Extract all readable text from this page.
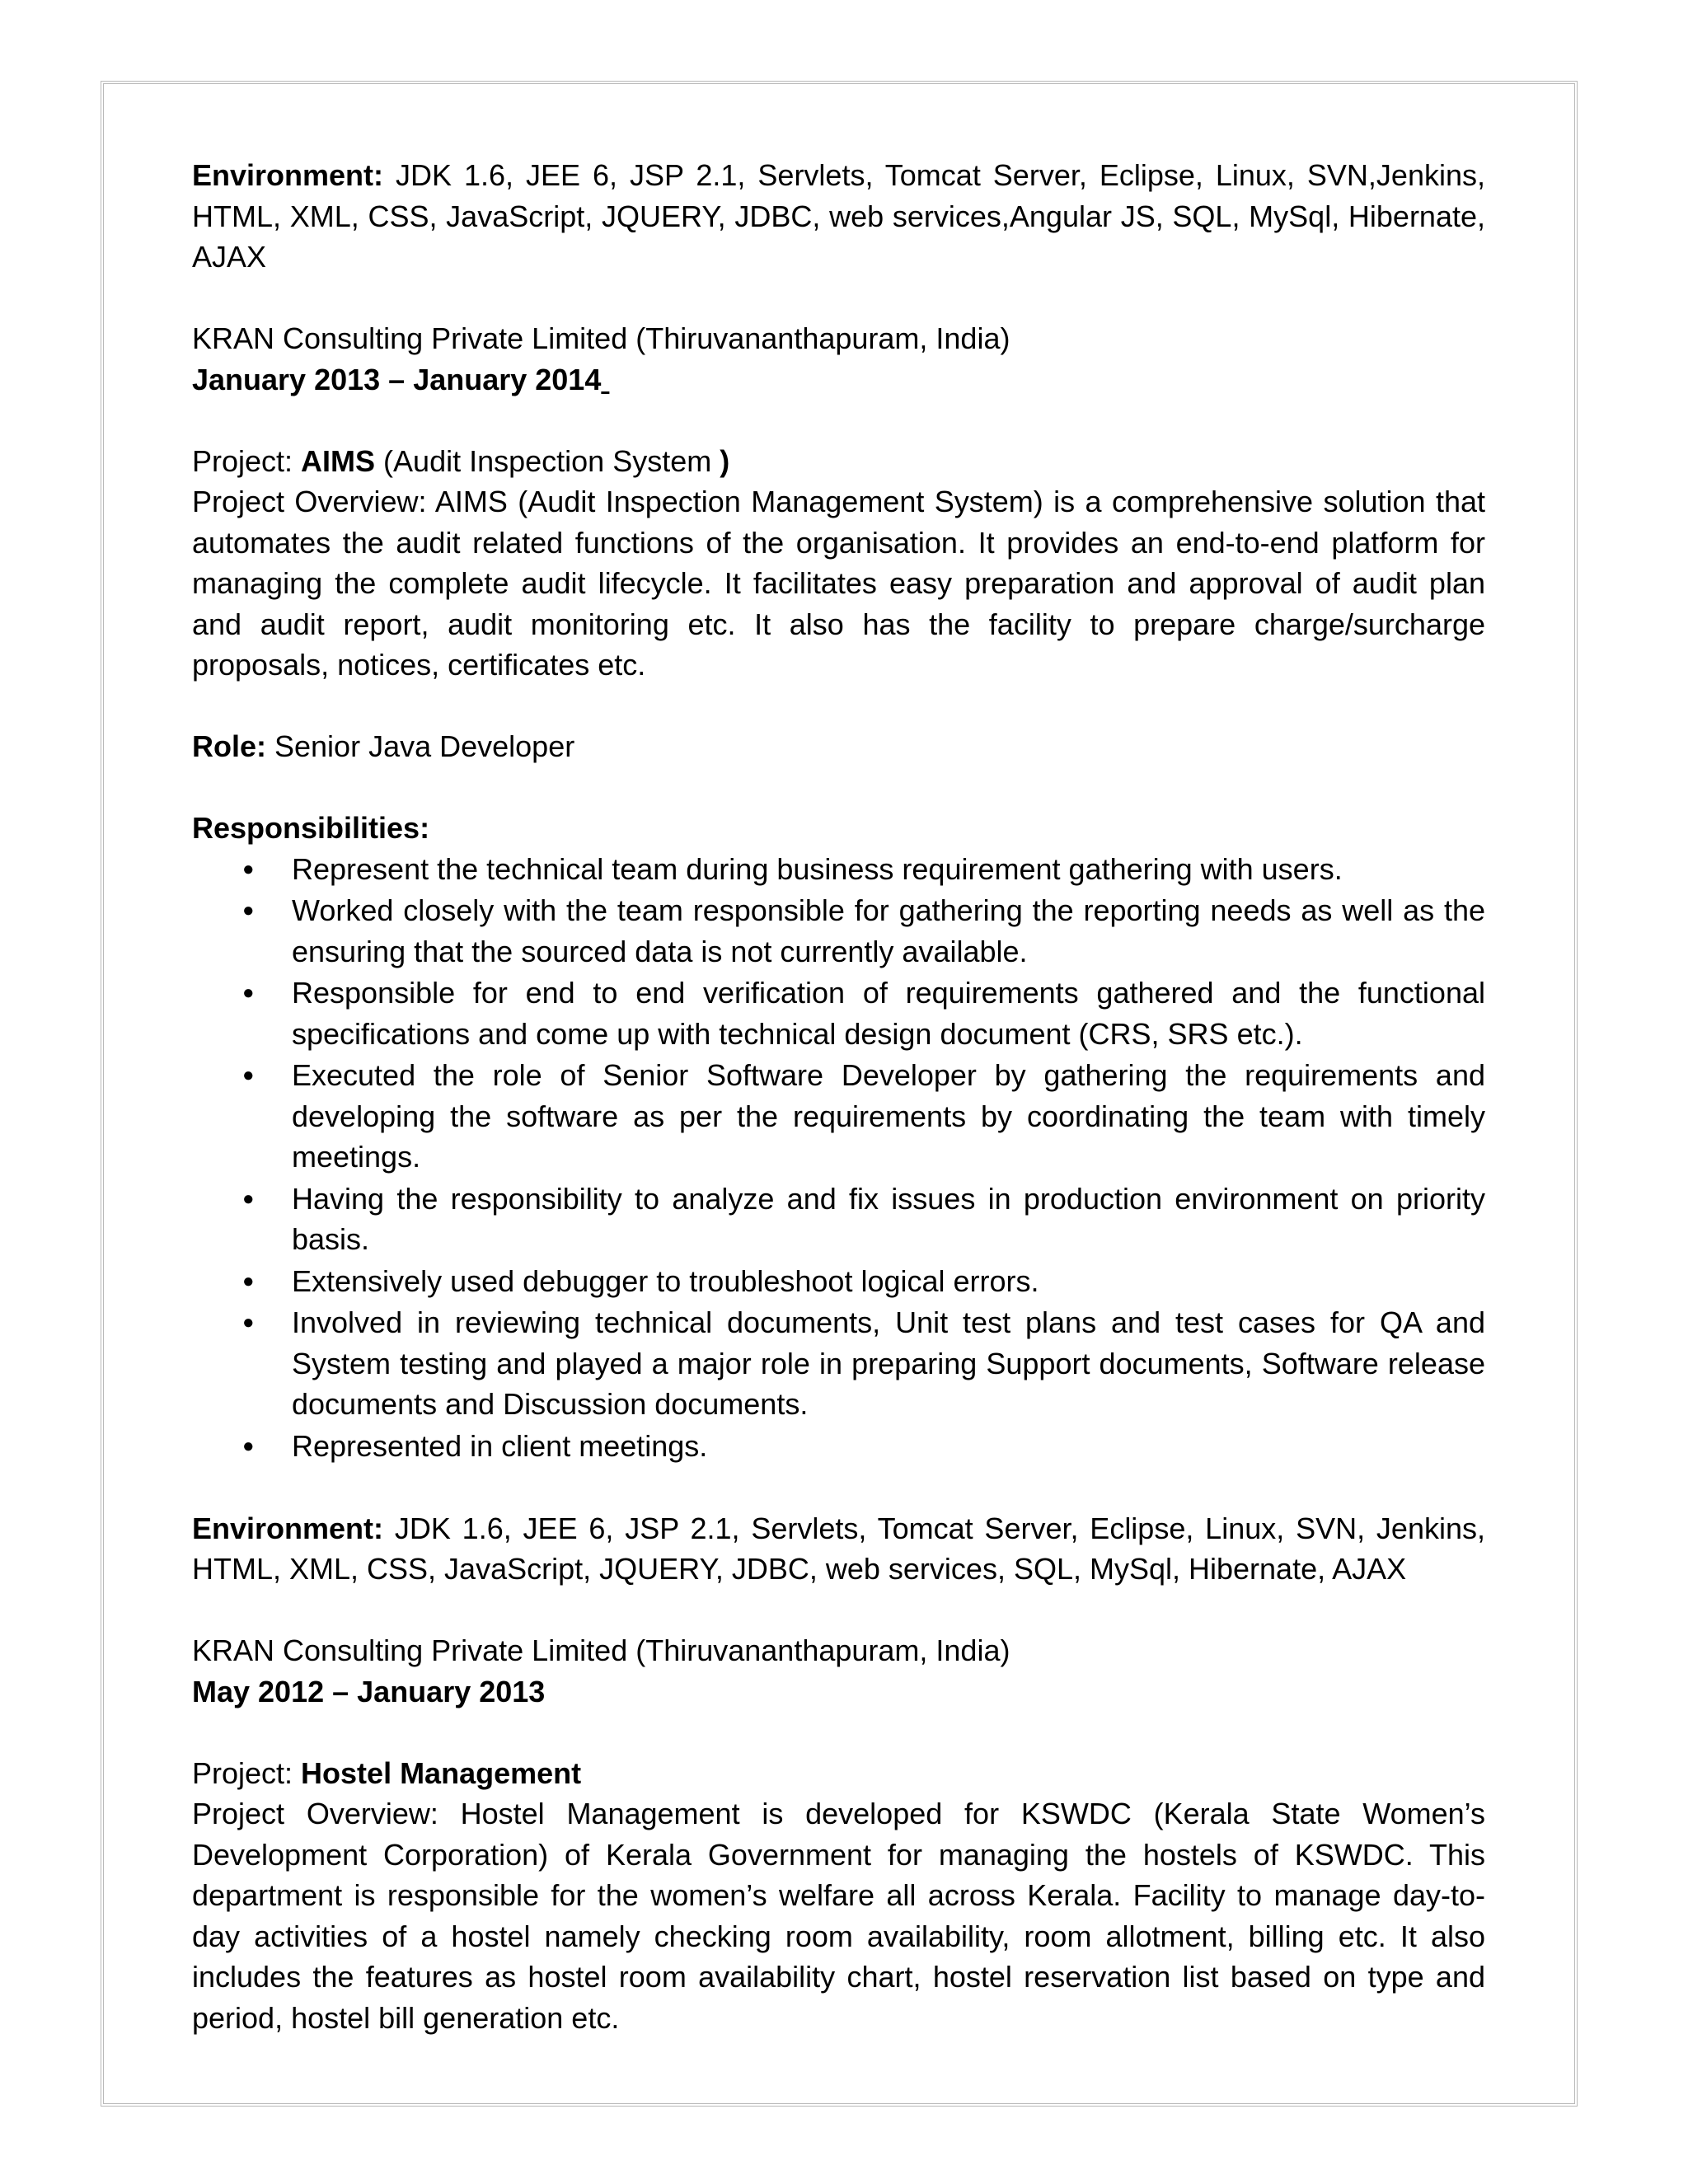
Environment: JDK 1.6, JEE 6, JSP 2.1, Servlets, Tomcat Server, Eclipse, Linux, SVN,Jenkins, HTML, XML, CSS, JavaScript, JQUERY, JDBC, web services,Angular JS, SQL, MySql, Hibernate, AJAX

KRAN Consulting Private Limited (Thiruvananthapuram, India)

January 2013 – January 2014

Project: AIMS (Audit Inspection System )

Project Overview: AIMS (Audit Inspection Management System) is a comprehensive solution that automates the audit related functions of the organisation. It provides an end-to-end platform for managing the complete audit lifecycle. It facilitates easy preparation and approval of audit plan and audit report, audit monitoring etc. It also has the facility to prepare charge/surcharge proposals, notices, certificates etc.

Role: Senior Java Developer

Responsibilities:

● Represent the technical team during business requirement gathering with users.
● Worked closely with the team responsible for gathering the reporting needs as well as the ensuring that the sourced data is not currently available.
● Responsible for end to end verification of requirements gathered and the functional specifications and come up with technical design document (CRS, SRS etc.).
● Executed the role of Senior Software Developer by gathering the requirements and developing the software as per the requirements by coordinating the team with timely meetings.
● Having the responsibility to analyze and fix issues in production environment on priority basis.
● Extensively used debugger to troubleshoot logical errors.
● Involved in reviewing technical documents, Unit test plans and test cases for QA and System testing and played a major role in preparing Support documents, Software release documents and Discussion documents.
● Represented in client meetings.

Environment: JDK 1.6, JEE 6, JSP 2.1, Servlets, Tomcat Server, Eclipse, Linux, SVN, Jenkins, HTML, XML, CSS, JavaScript, JQUERY, JDBC, web services, SQL, MySql, Hibernate, AJAX

KRAN Consulting Private Limited (Thiruvananthapuram, India)

May 2012 – January 2013

Project: Hostel Management

Project Overview: Hostel Management is developed for KSWDC (Kerala State Women’s Development Corporation) of Kerala Government for managing the hostels of KSWDC. This department is responsible for the women’s welfare all across Kerala. Facility to manage day-to-day activities of a hostel namely checking room availability, room allotment, billing etc. It also includes the features as hostel room availability chart, hostel reservation list based on type and period, hostel bill generation etc.
